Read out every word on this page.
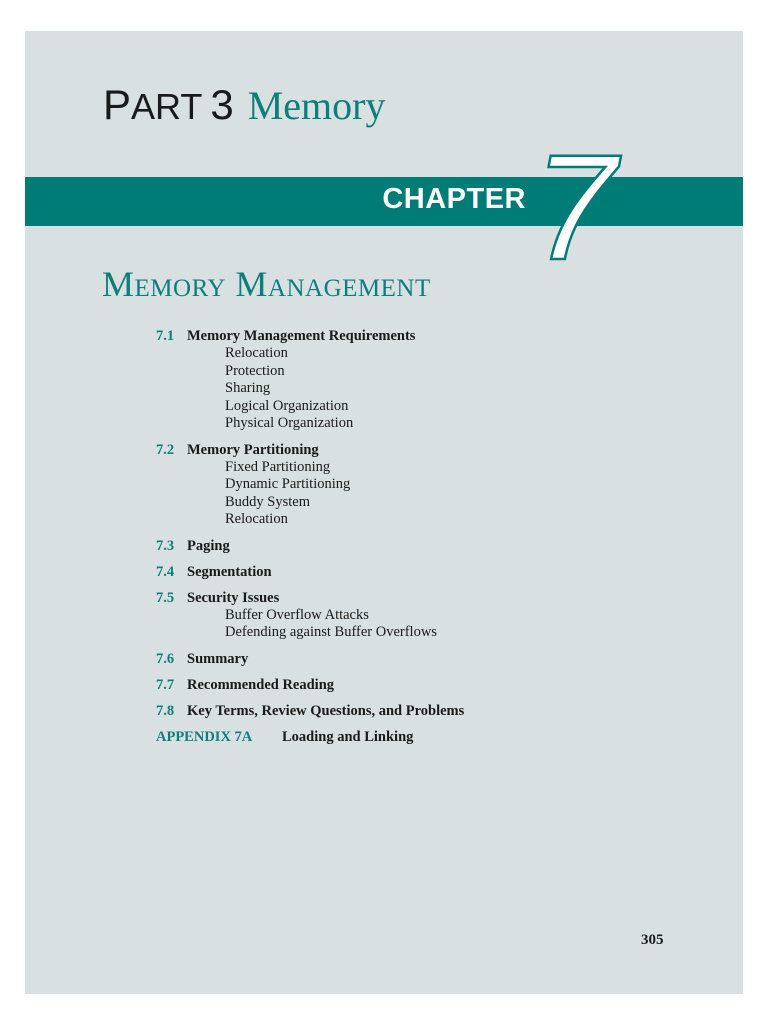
PART 3 Memory
CHAPTER 7
Memory Management
7.1 Memory Management Requirements
Relocation
Protection
Sharing
Logical Organization
Physical Organization
7.2 Memory Partitioning
Fixed Partitioning
Dynamic Partitioning
Buddy System
Relocation
7.3 Paging
7.4 Segmentation
7.5 Security Issues
Buffer Overflow Attacks
Defending against Buffer Overflows
7.6 Summary
7.7 Recommended Reading
7.8 Key Terms, Review Questions, and Problems
APPENDIX 7A Loading and Linking
305
